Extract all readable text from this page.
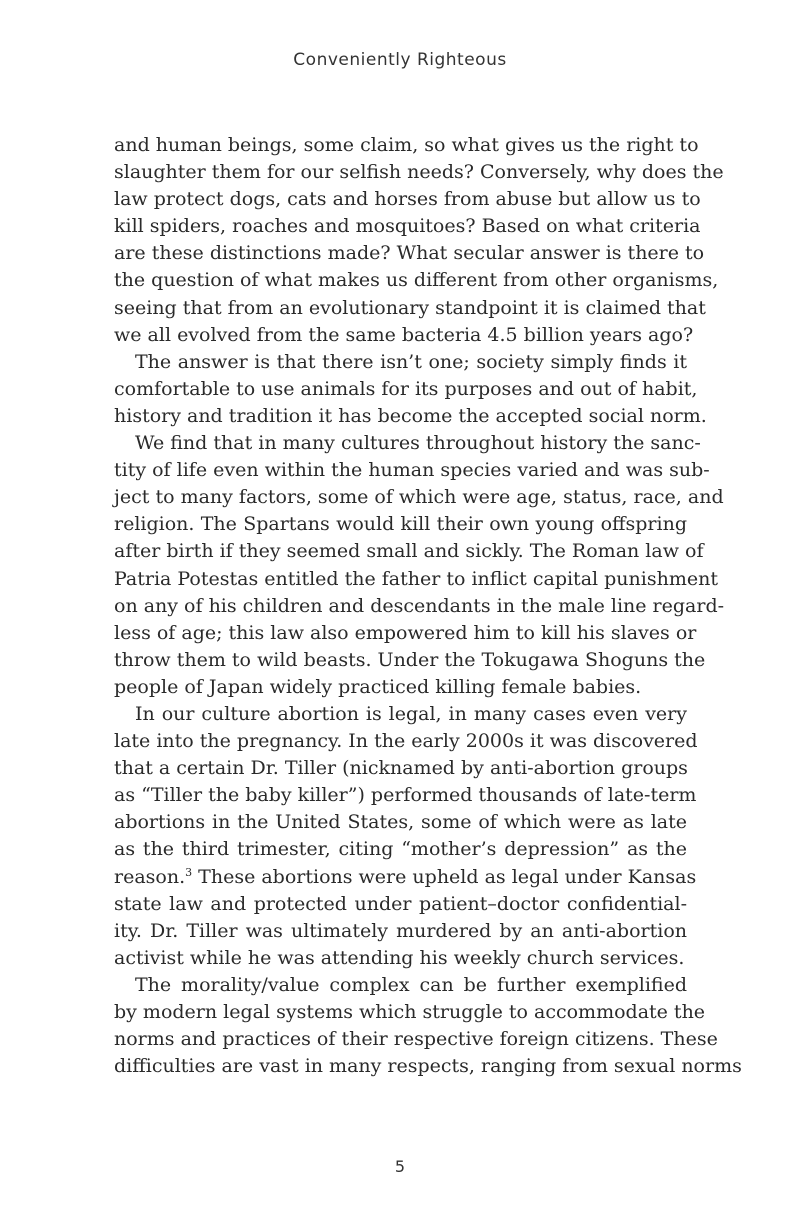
Conveniently Righteous
and human beings, some claim, so what gives us the right to
slaughter them for our selfish needs? Conversely, why does the
law protect dogs, cats and horses from abuse but allow us to
kill spiders, roaches and mosquitoes? Based on what criteria
are these distinctions made? What secular answer is there to
the question of what makes us different from other organisms,
seeing that from an evolutionary standpoint it is claimed that
we all evolved from the same bacteria 4.5 billion years ago?
The answer is that there isn’t one; society simply finds it
comfortable to use animals for its purposes and out of habit,
history and tradition it has become the accepted social norm.
We find that in many cultures throughout history the sanc-
tity of life even within the human species varied and was sub-
ject to many factors, some of which were age, status, race, and
religion. The Spartans would kill their own young offspring
after birth if they seemed small and sickly. The Roman law of
Patria Potestas entitled the father to inflict capital punishment
on any of his children and descendants in the male line regard-
less of age; this law also empowered him to kill his slaves or
throw them to wild beasts. Under the Tokugawa Shoguns the
people of Japan widely practiced killing female babies.
In our culture abortion is legal, in many cases even very
late into the pregnancy. In the early 2000s it was discovered
that a certain Dr. Tiller (nicknamed by anti-abortion groups
as “Tiller the baby killer”) performed thousands of late-term
abortions in the United States, some of which were as late
as the third trimester, citing “mother’s depression” as the
reason.$^3$ These abortions were upheld as legal under Kansas
state law and protected under patient–doctor confidential-
ity. Dr. Tiller was ultimately murdered by an anti-abortion
activist while he was attending his weekly church services.
The morality/value complex can be further exemplified
by modern legal systems which struggle to accommodate the
norms and practices of their respective foreign citizens. These
difficulties are vast in many respects, ranging from sexual norms
5
